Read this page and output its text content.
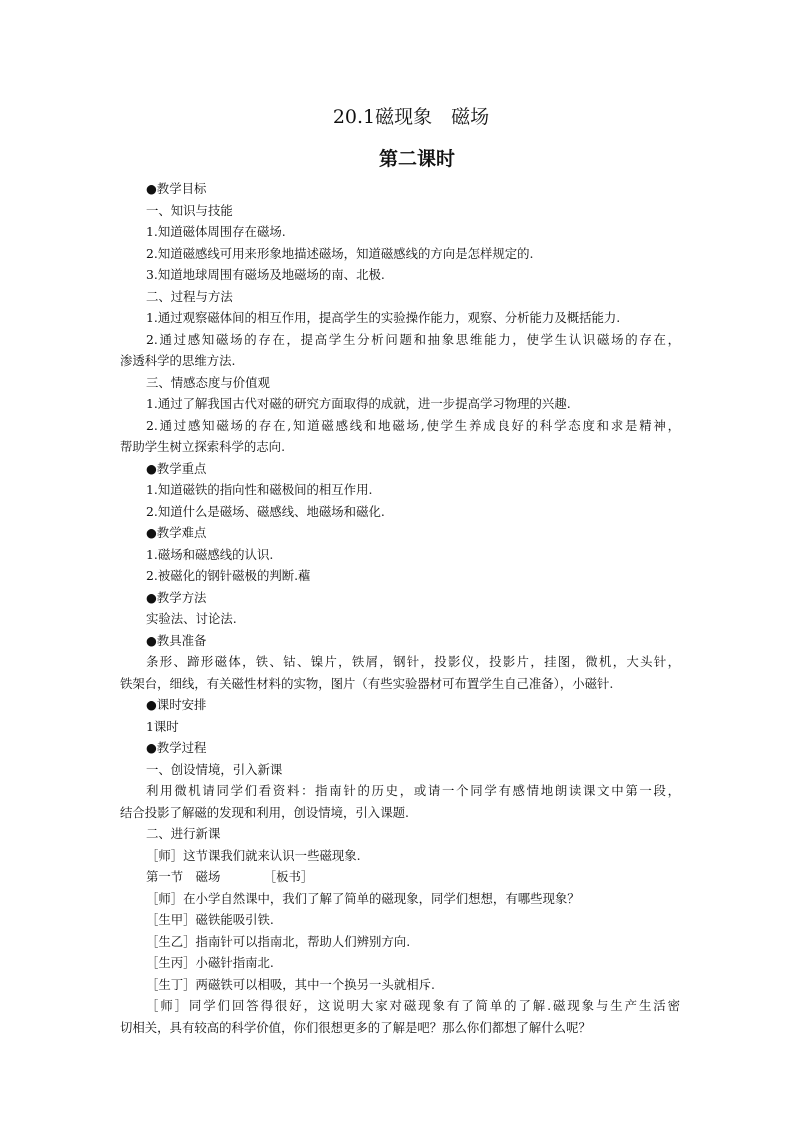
20.1磁现象　磁场
第二课时
●教学目标
一、知识与技能
1.知道磁体周围存在磁场.
2.知道磁感线可用来形象地描述磁场，知道磁感线的方向是怎样规定的.
3.知道地球周围有磁场及地磁场的南、北极.
二、过程与方法
1.通过观察磁体间的相互作用，提高学生的实验操作能力，观察、分析能力及概括能力.
2.通过感知磁场的存在，提高学生分析问题和抽象思维能力，使学生认识磁场的存在，
渗透科学的思维方法.
三、情感态度与价值观
1.通过了解我国古代对磁的研究方面取得的成就，进一步提高学习物理的兴趣.
2.通过感知磁场的存在,知道磁感线和地磁场,使学生养成良好的科学态度和求是精神，
帮助学生树立探索科学的志向.
●教学重点
1.知道磁铁的指向性和磁极间的相互作用.
2.知道什么是磁场、磁感线、地磁场和磁化.
●教学难点
1.磁场和磁感线的认识.
2.被磁化的钢针磁极的判断.藲
●教学方法
实验法、讨论法.
●教具准备
条形、蹄形磁体，铁、钴、镍片，铁屑，钢针，投影仪，投影片，挂图，微机，大头针，
铁架台，细线，有关磁性材料的实物，图片（有些实验器材可布置学生自己准备），小磁针.
●课时安排
1课时
●教学过程
一、创设情境，引入新课
利用微机请同学们看资料：指南针的历史，或请一个同学有感情地朗读课文中第一段，
结合投影了解磁的发现和利用，创设情境，引入课题.
二、进行新课
［师］这节课我们就来认识一些磁现象.
第一节　磁场　　　　［板书］
［师］在小学自然课中，我们了解了简单的磁现象，同学们想想，有哪些现象？
［生甲］磁铁能吸引铁.
［生乙］指南针可以指南北，帮助人们辨别方向.
［生丙］小磁针指南北.
［生丁］两磁铁可以相吸，其中一个换另一头就相斥.
［师］同学们回答得很好，这说明大家对磁现象有了简单的了解.磁现象与生产生活密
切相关，具有较高的科学价值，你们很想更多的了解是吧？那么你们都想了解什么呢？
